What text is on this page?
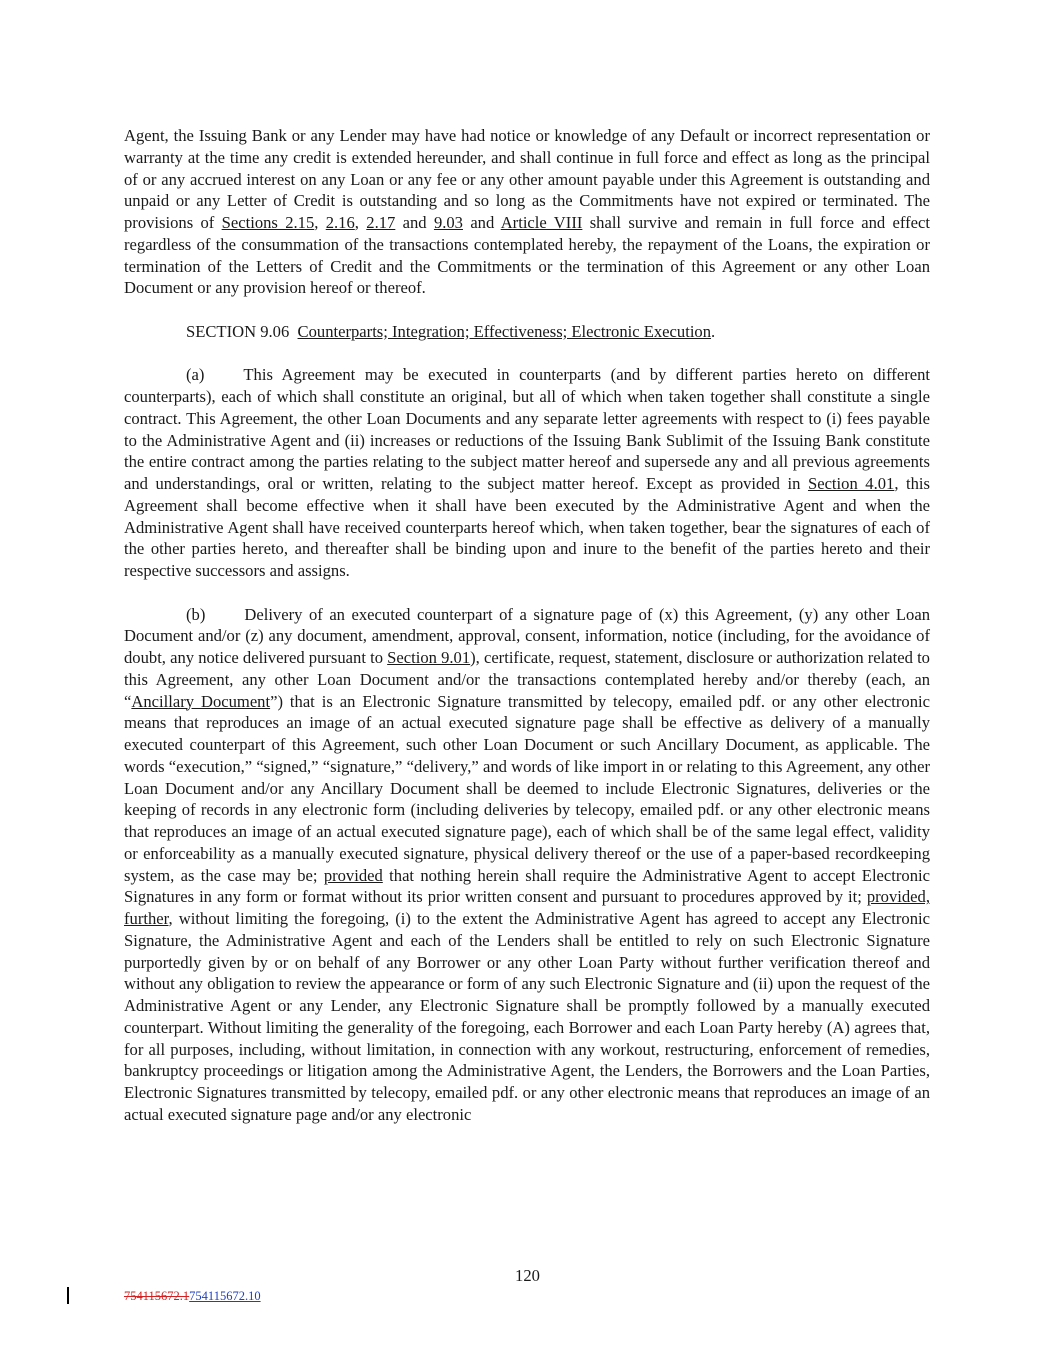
Agent, the Issuing Bank or any Lender may have had notice or knowledge of any Default or incorrect representation or warranty at the time any credit is extended hereunder, and shall continue in full force and effect as long as the principal of or any accrued interest on any Loan or any fee or any other amount payable under this Agreement is outstanding and unpaid or any Letter of Credit is outstanding and so long as the Commitments have not expired or terminated. The provisions of Sections 2.15, 2.16, 2.17 and 9.03 and Article VIII shall survive and remain in full force and effect regardless of the consummation of the transactions contemplated hereby, the repayment of the Loans, the expiration or termination of the Letters of Credit and the Commitments or the termination of this Agreement or any other Loan Document or any provision hereof or thereof.

SECTION 9.06  Counterparts; Integration; Effectiveness; Electronic Execution.

(a) This Agreement may be executed in counterparts (and by different parties hereto on different counterparts), each of which shall constitute an original, but all of which when taken together shall constitute a single contract. This Agreement, the other Loan Documents and any separate letter agreements with respect to (i) fees payable to the Administrative Agent and (ii) increases or reductions of the Issuing Bank Sublimit of the Issuing Bank constitute the entire contract among the parties relating to the subject matter hereof and supersede any and all previous agreements and understandings, oral or written, relating to the subject matter hereof. Except as provided in Section 4.01, this Agreement shall become effective when it shall have been executed by the Administrative Agent and when the Administrative Agent shall have received counterparts hereof which, when taken together, bear the signatures of each of the other parties hereto, and thereafter shall be binding upon and inure to the benefit of the parties hereto and their respective successors and assigns.

(b) Delivery of an executed counterpart of a signature page of (x) this Agreement, (y) any other Loan Document and/or (z) any document, amendment, approval, consent, information, notice (including, for the avoidance of doubt, any notice delivered pursuant to Section 9.01), certificate, request, statement, disclosure or authorization related to this Agreement, any other Loan Document and/or the transactions contemplated hereby and/or thereby (each, an “Ancillary Document”) that is an Electronic Signature transmitted by telecopy, emailed pdf. or any other electronic means that reproduces an image of an actual executed signature page shall be effective as delivery of a manually executed counterpart of this Agreement, such other Loan Document or such Ancillary Document, as applicable. The words “execution,” “signed,” “signature,” “delivery,” and words of like import in or relating to this Agreement, any other Loan Document and/or any Ancillary Document shall be deemed to include Electronic Signatures, deliveries or the keeping of records in any electronic form (including deliveries by telecopy, emailed pdf. or any other electronic means that reproduces an image of an actual executed signature page), each of which shall be of the same legal effect, validity or enforceability as a manually executed signature, physical delivery thereof or the use of a paper-based recordkeeping system, as the case may be; provided that nothing herein shall require the Administrative Agent to accept Electronic Signatures in any form or format without its prior written consent and pursuant to procedures approved by it; provided, further, without limiting the foregoing, (i) to the extent the Administrative Agent has agreed to accept any Electronic Signature, the Administrative Agent and each of the Lenders shall be entitled to rely on such Electronic Signature purportedly given by or on behalf of any Borrower or any other Loan Party without further verification thereof and without any obligation to review the appearance or form of any such Electronic Signature and (ii) upon the request of the Administrative Agent or any Lender, any Electronic Signature shall be promptly followed by a manually executed counterpart. Without limiting the generality of the foregoing, each Borrower and each Loan Party hereby (A) agrees that, for all purposes, including, without limitation, in connection with any workout, restructuring, enforcement of remedies, bankruptcy proceedings or litigation among the Administrative Agent, the Lenders, the Borrowers and the Loan Parties, Electronic Signatures transmitted by telecopy, emailed pdf. or any other electronic means that reproduces an image of an actual executed signature page and/or any electronic

120
754115672.1754115672.10
